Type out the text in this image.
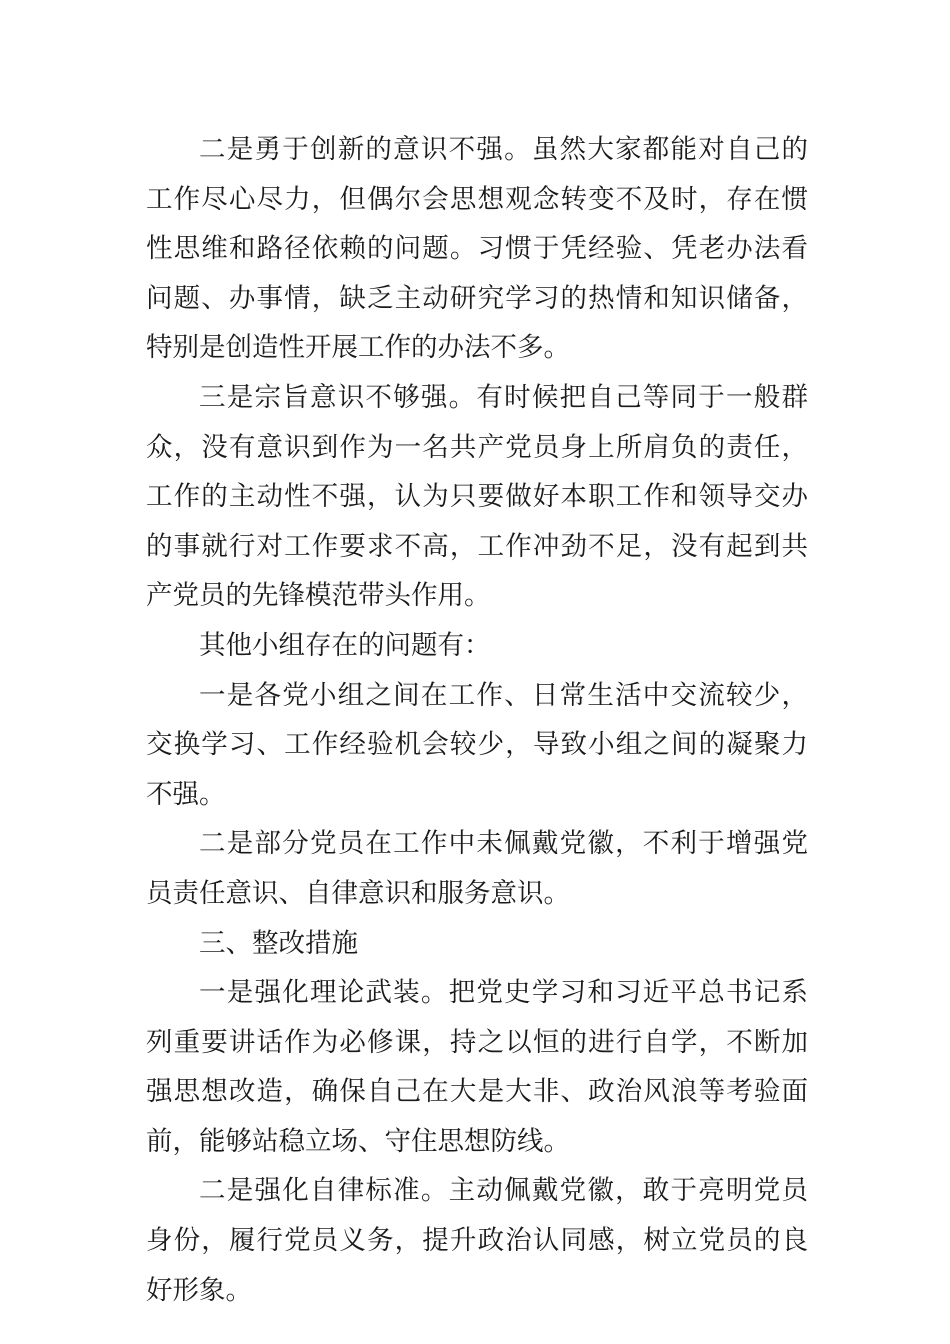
二是勇于创新的意识不强。虽然大家都能对自己的工作尽心尽力，但偶尔会思想观念转变不及时，存在惯性思维和路径依赖的问题。习惯于凭经验、凭老办法看问题、办事情，缺乏主动研究学习的热情和知识储备，特别是创造性开展工作的办法不多。

三是宗旨意识不够强。有时候把自己等同于一般群众，没有意识到作为一名共产党员身上所肩负的责任，工作的主动性不强，认为只要做好本职工作和领导交办的事就行对工作要求不高，工作冲劲不足，没有起到共产党员的先锋模范带头作用。

其他小组存在的问题有：

一是各党小组之间在工作、日常生活中交流较少，交换学习、工作经验机会较少，导致小组之间的凝聚力不强。

二是部分党员在工作中未佩戴党徽，不利于增强党员责任意识、自律意识和服务意识。

三、整改措施

一是强化理论武装。把党史学习和习近平总书记系列重要讲话作为必修课，持之以恒的进行自学，不断加强思想改造，确保自己在大是大非、政治风浪等考验面前，能够站稳立场、守住思想防线。

二是强化自律标准。主动佩戴党徽，敢于亮明党员身份，履行党员义务，提升政治认同感，树立党员的良好形象。
